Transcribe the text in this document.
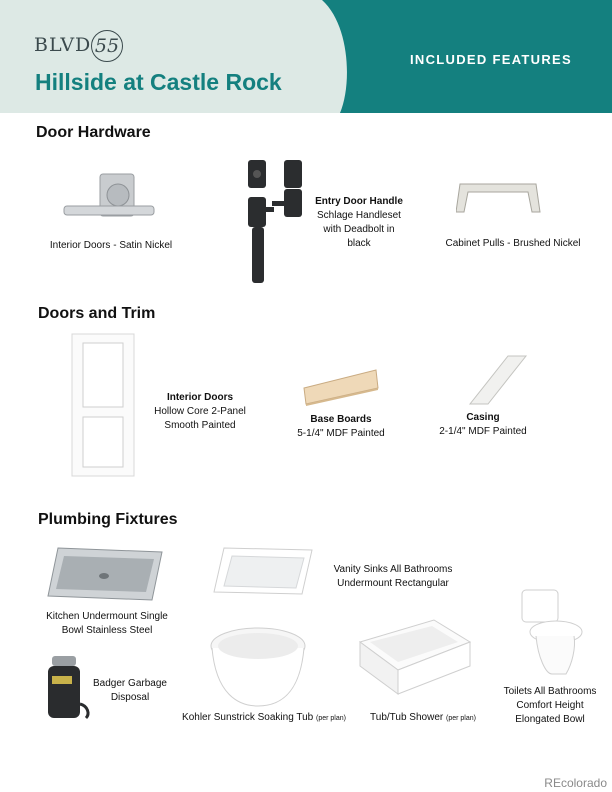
BLVD 55
Hillside at Castle Rock
INCLUDED FEATURES
Door Hardware
Interior Doors - Satin Nickel
Entry Door Handle
Schlage Handleset
with Deadbolt in
black	Cabinet Pulls - Brushed Nickel
Doors and Trim
Interior Doors
Hollow Core 2-Panel
Smooth Painted
Base Boards
5-1/4" MDF Painted
Casing
2-1/4" MDF Painted
Plumbing Fixtures
Kitchen Undermount Single
Bowl Stainless Steel
Vanity Sinks All Bathrooms
Undermount Rectangular
Badger Garbage
Disposal
Kohler Sunstrick Soaking Tub (per plan)	Tub/Tub Shower (per plan)
Toilets All Bathrooms
Comfort Height
Elongated Bowl
REcolorado
